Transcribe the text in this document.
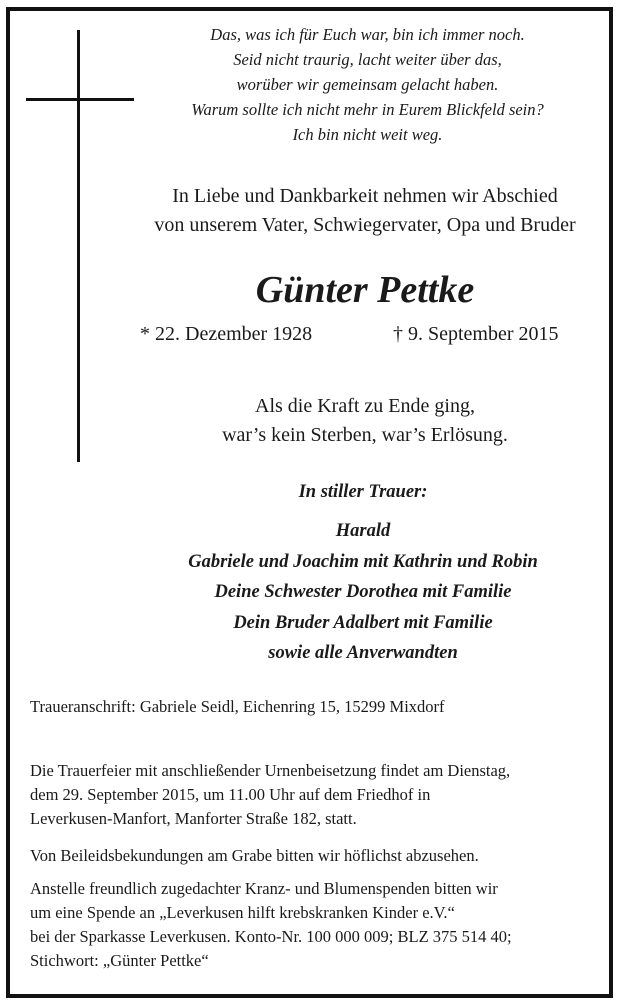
Das, was ich für Euch war, bin ich immer noch.
Seid nicht traurig, lacht weiter über das,
worüber wir gemeinsam gelacht haben.
Warum sollte ich nicht mehr in Eurem Blickfeld sein?
Ich bin nicht weit weg.
In Liebe und Dankbarkeit nehmen wir Abschied
von unserem Vater, Schwiegervater, Opa und Bruder
Günter Pettke
* 22. Dezember 1928	† 9. September 2015
Als die Kraft zu Ende ging,
war’s kein Sterben, war’s Erlösung.
In stiller Trauer:
Harald
Gabriele und Joachim mit Kathrin und Robin
Deine Schwester Dorothea mit Familie
Dein Bruder Adalbert mit Familie
sowie alle Anverwandten
Traueranschrift: Gabriele Seidl, Eichenring 15, 15299 Mixdorf
Die Trauerfeier mit anschließender Urnenbeisetzung findet am Dienstag,
dem 29. September 2015, um 11.00 Uhr auf dem Friedhof in
Leverkusen-Manfort, Manforter Straße 182, statt.
Von Beileidsbekundungen am Grabe bitten wir höflichst abzusehen.
Anstelle freundlich zugedachter Kranz- und Blumenspenden bitten wir
um eine Spende an „Leverkusen hilft krebskranken Kinder e.V.“
bei der Sparkasse Leverkusen. Konto-Nr. 100 000 009; BLZ 375 514 40;
Stichwort: „Günter Pettke“
